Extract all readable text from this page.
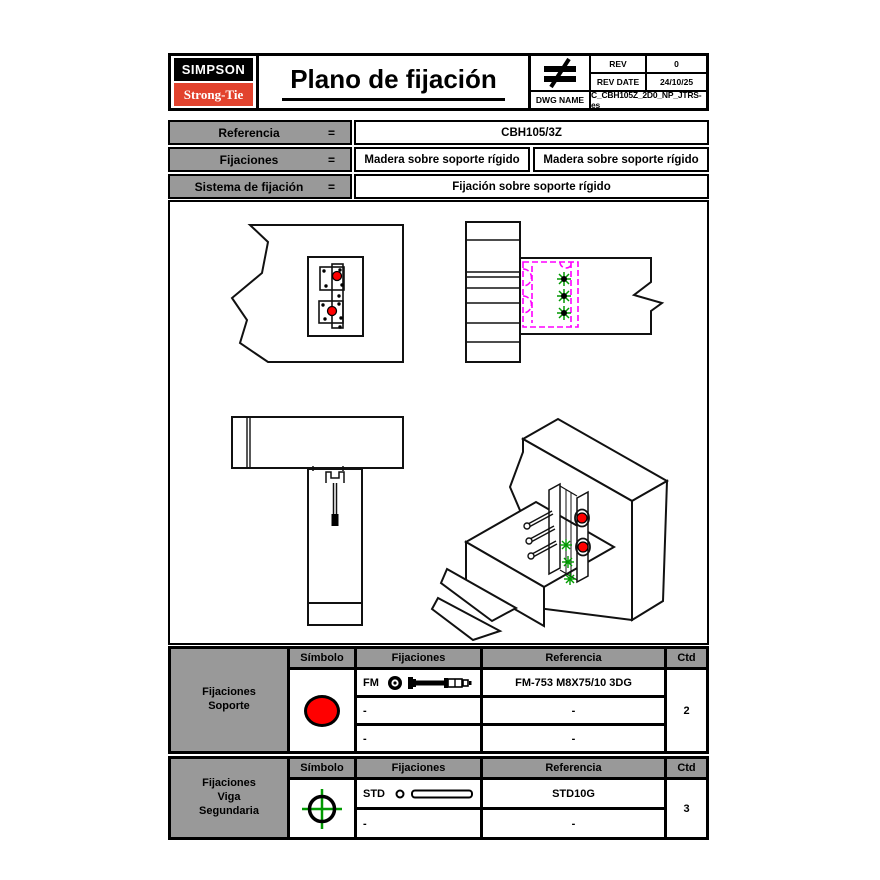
SIMPSON
Strong-Tie
Plano de fijación	REV	0
REV DATE	24/10/25
DWG NAME C_CBH105Z_2D0_NP_JTRS-es
Referencia	=	CBH105/3Z
Fijaciones	=	Madera sobre soporte rígido	Madera sobre soporte rígido
Sistema de fijación	=	Fijación sobre soporte rígido
Fijaciones
Soporte
Símbolo	Fijaciones	Referencia	Ctd
FM	FM-753 M8X75/10 3DG
2
-	-
-	-
Fijaciones
Viga
Segundaria
Símbolo	Fijaciones	Referencia	Ctd
STD	STD10G
3
-	-
